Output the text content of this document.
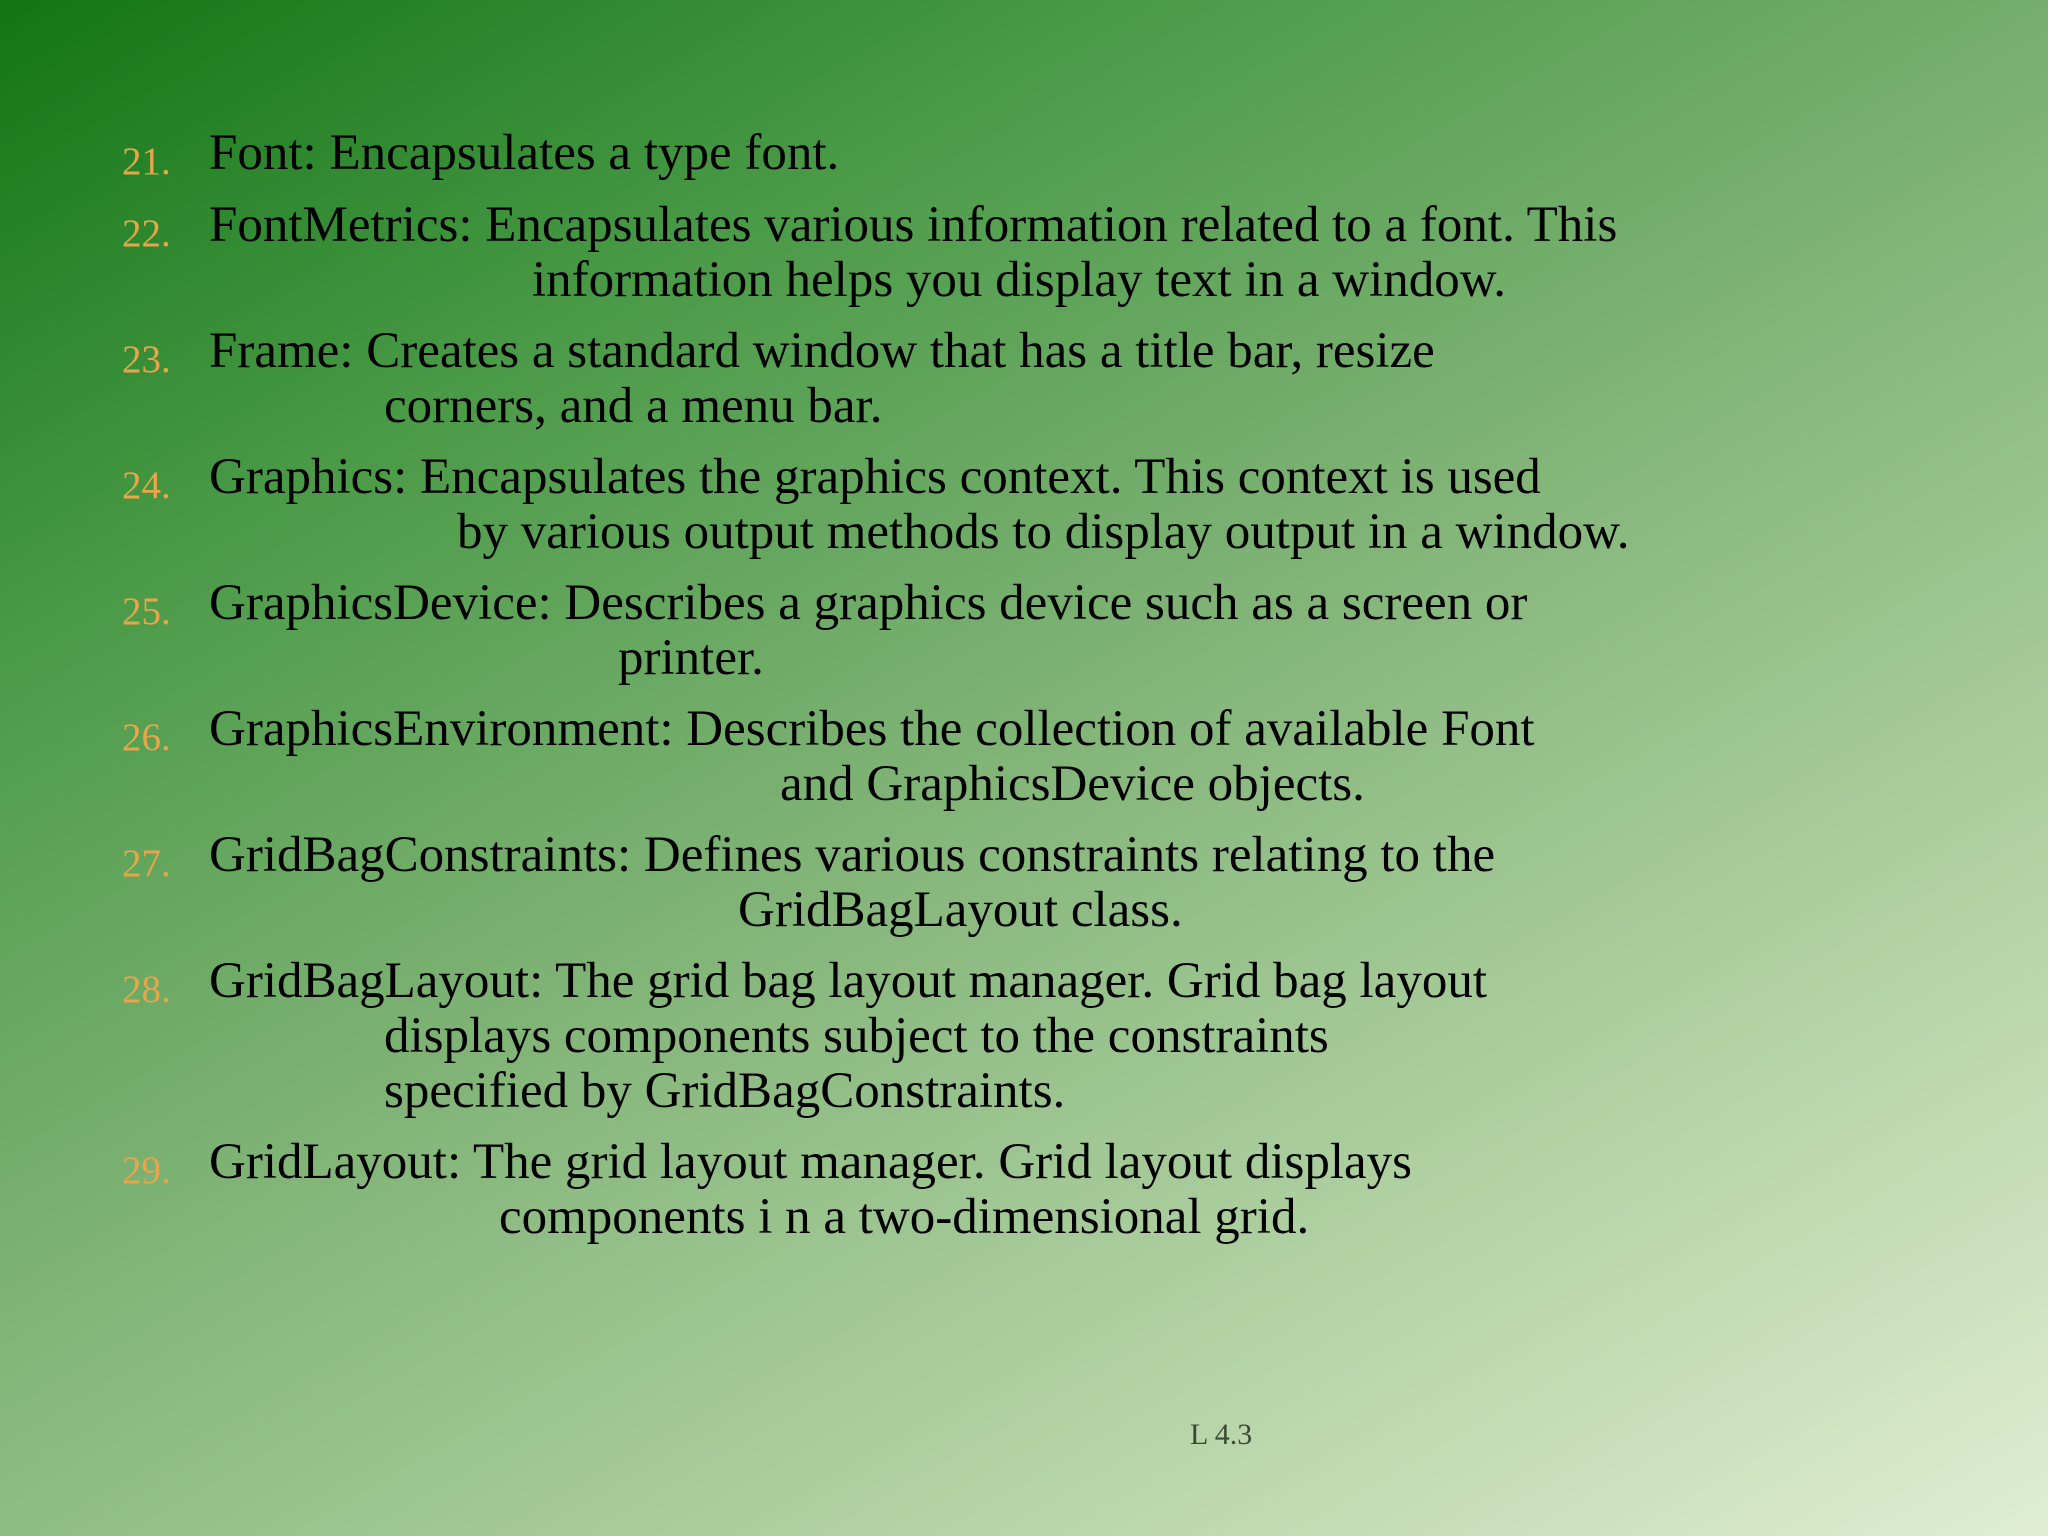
21. Font: Encapsulates a type font.
22. FontMetrics: Encapsulates various information related to a font. This
information helps you display text in a window.
23. Frame: Creates a standard window that has a title bar, resize
corners, and a menu bar.
24. Graphics: Encapsulates the graphics context. This context is used
by various output methods to display output in a window.
25. GraphicsDevice: Describes a graphics device such as a screen or
printer.
26. GraphicsEnvironment: Describes the collection of available Font
and GraphicsDevice objects.
27. GridBagConstraints: Defines various constraints relating to the
GridBagLayout class.
28. GridBagLayout: The grid bag layout manager. Grid bag layout
displays components subject to the constraints
specified by GridBagConstraints.
29. GridLayout: The grid layout manager. Grid layout displays
components i n a two-dimensional grid.
L 4.3
